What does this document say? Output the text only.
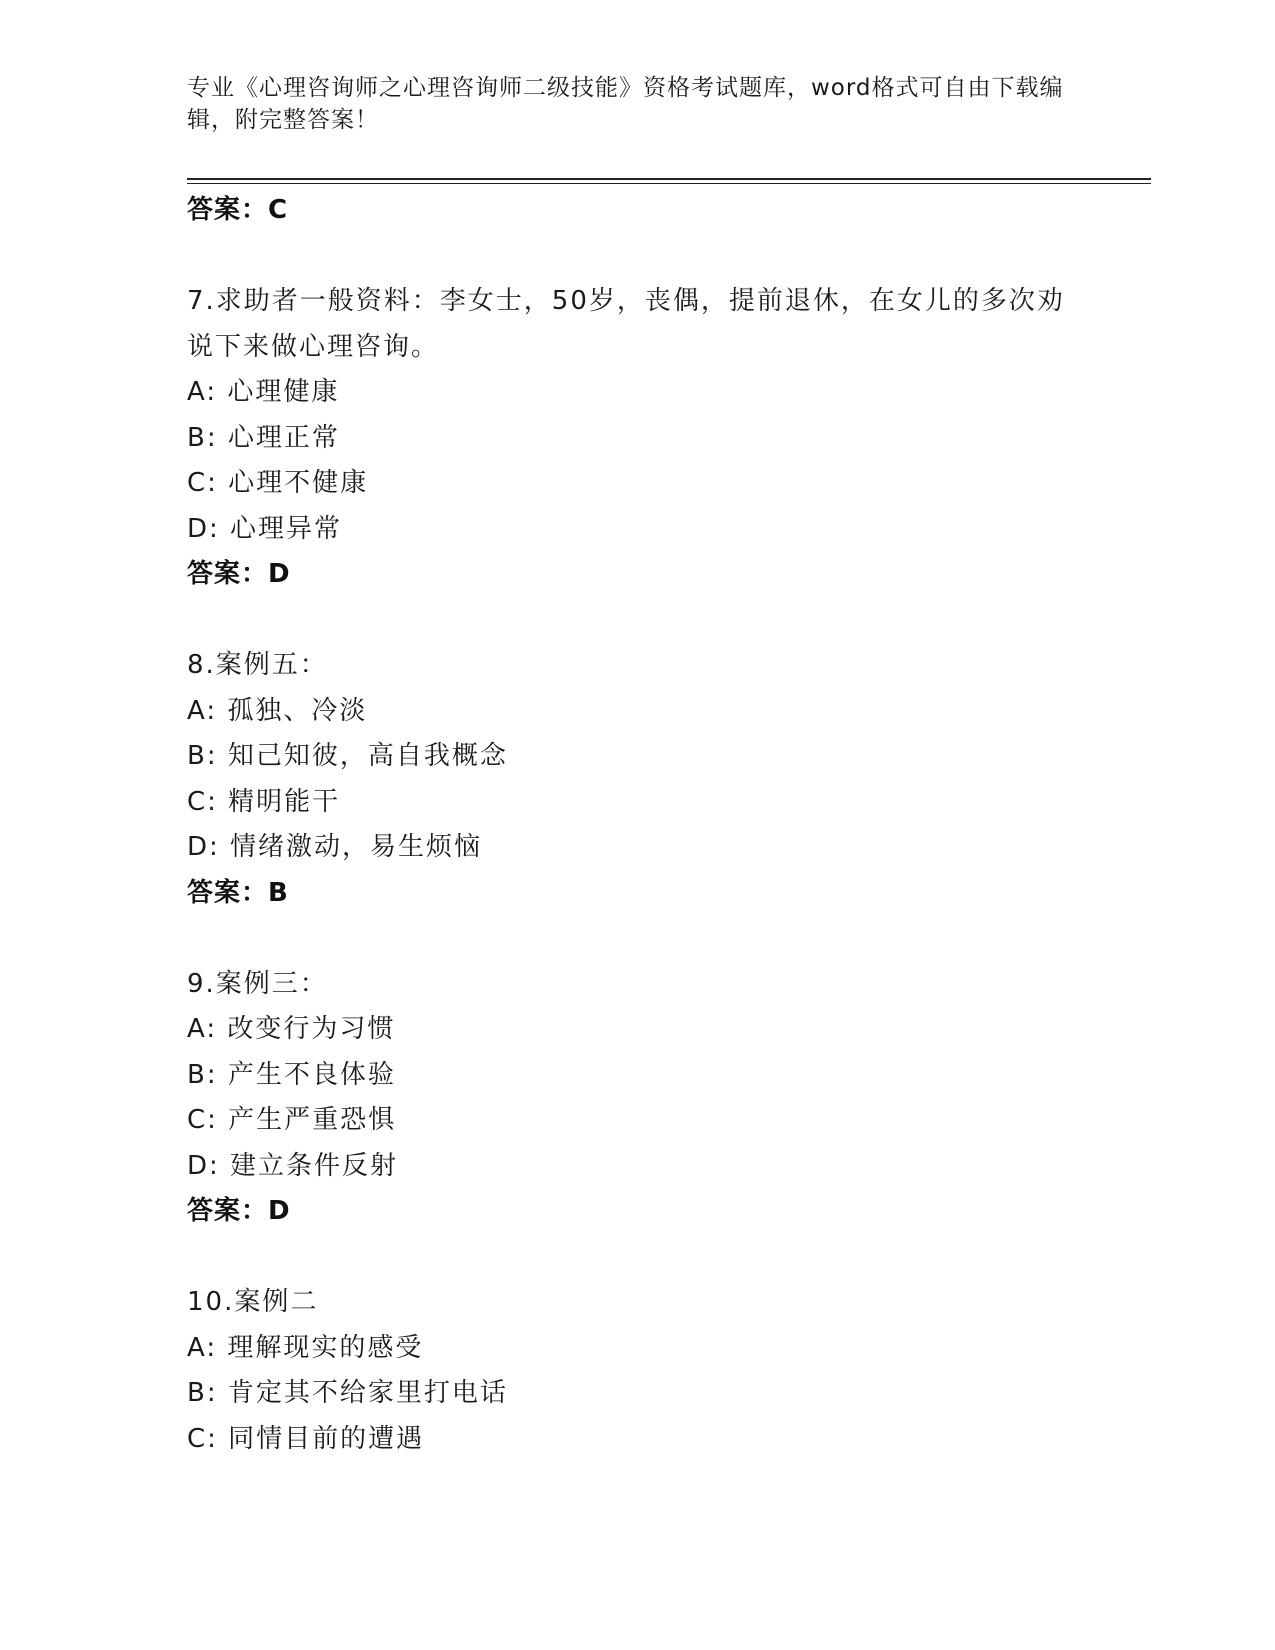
专业《心理咨询师之心理咨询师二级技能》资格考试题库，word格式可自由下载编辑，附完整答案！
答案：C
7.求助者一般资料：李女士，50岁，丧偶，提前退休，在女儿的多次劝说下来做心理咨询。
A: 心理健康
B: 心理正常
C: 心理不健康
D: 心理异常
答案：D
8.案例五：
A: 孤独、冷淡
B: 知己知彼，高自我概念
C: 精明能干
D: 情绪激动，易生烦恼
答案：B
9.案例三：
A: 改变行为习惯
B: 产生不良体验
C: 产生严重恐惧
D: 建立条件反射
答案：D
10.案例二
A: 理解现实的感受
B: 肯定其不给家里打电话
C: 同情目前的遭遇
